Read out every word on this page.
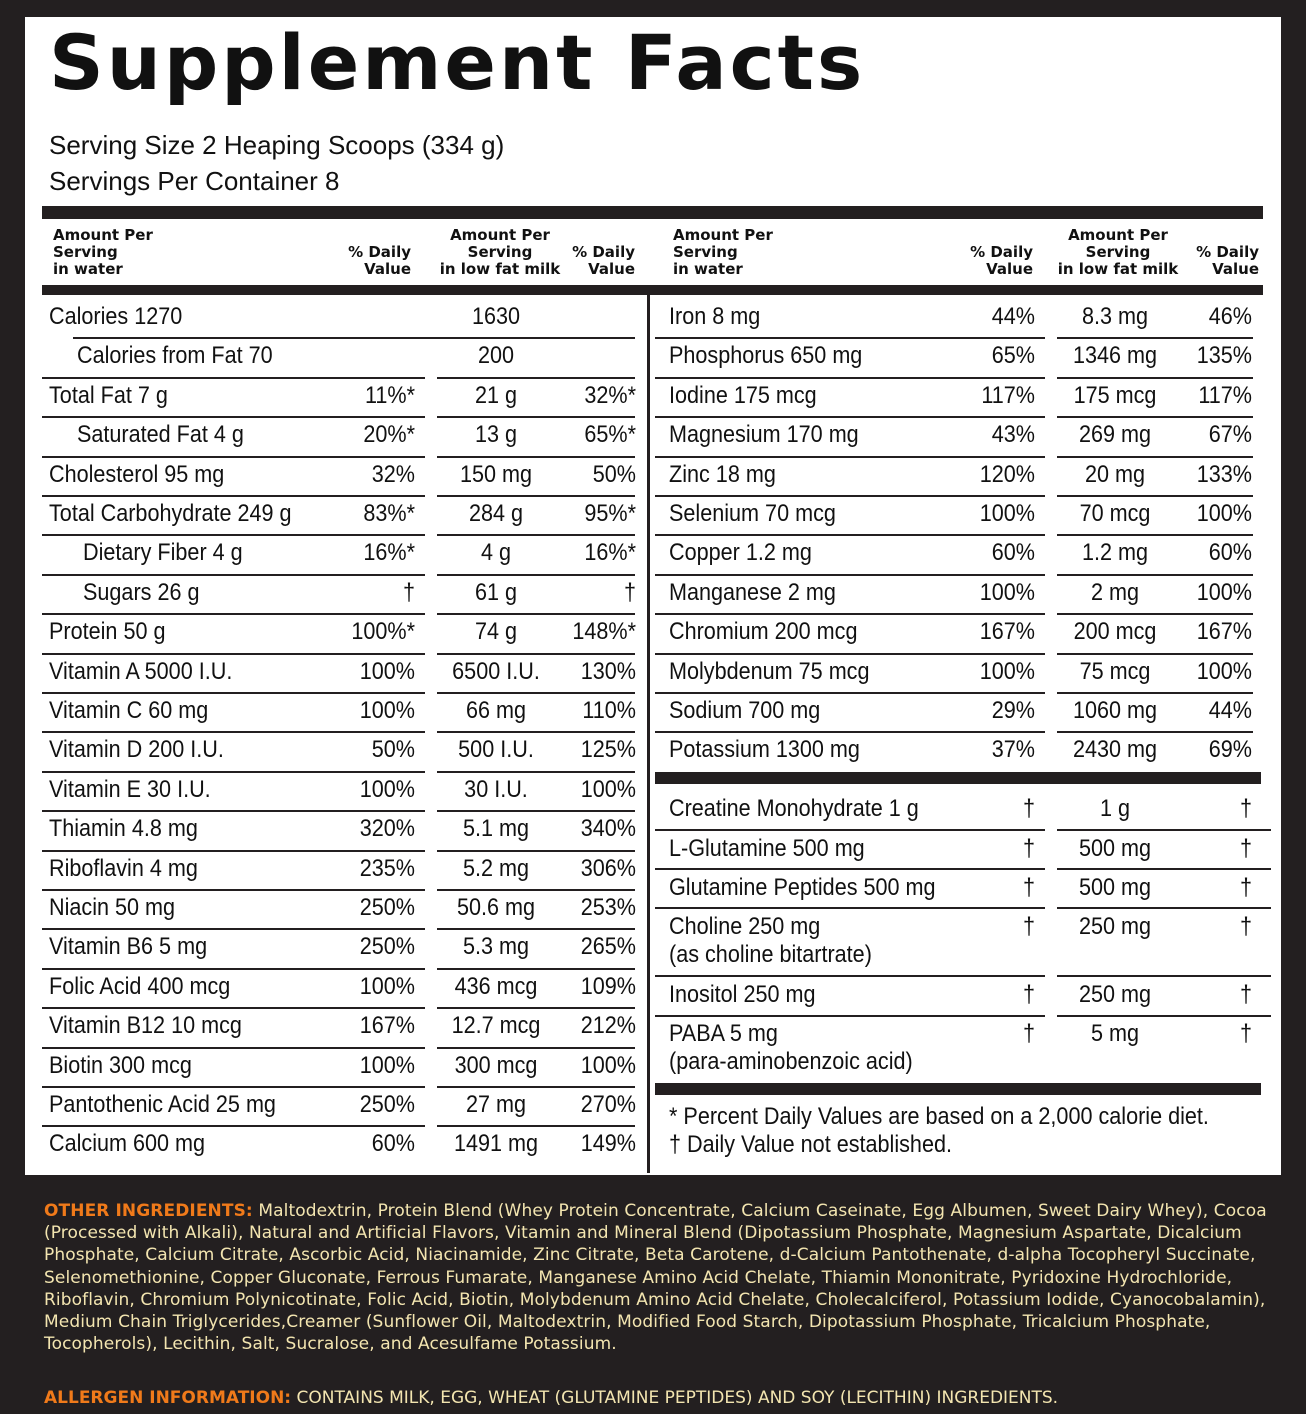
Supplement Facts
Serving Size 2 Heaping Scoops (334 g)
Servings Per Container 8
Amount Per
Serving
in water
% Daily
Value
Amount Per
Serving
in low fat milk
% Daily
Value
Amount Per
Serving
in water
% Daily
Value
Amount Per
Serving
in low fat milk
% Daily
Value
Calories 1270	1630
Calories from Fat 70	200
Total Fat 7 g	11%*	21 g	32%*
Saturated Fat 4 g	20%*	13 g	65%*
Cholesterol 95 mg	32%	150 mg	50%
Total Carbohydrate 249 g	83%*	284 g	95%*
Dietary Fiber 4 g	16%*	4 g	16%*
Sugars 26 g	†	61 g	†
Protein 50 g	100%*	74 g	148%*
Vitamin A 5000 I.U.	100%	6500 I.U.	130%
Vitamin C 60 mg	100%	66 mg	110%
Vitamin D 200 I.U.	50%	500 I.U.	125%
Vitamin E 30 I.U.	100%	30 I.U.	100%
Thiamin 4.8 mg	320%	5.1 mg	340%
Riboflavin 4 mg	235%	5.2 mg	306%
Niacin 50 mg	250%	50.6 mg	253%
Vitamin B6 5 mg	250%	5.3 mg	265%
Folic Acid 400 mcg	100%	436 mcg	109%
Vitamin B12 10 mcg	167%	12.7 mcg	212%
Biotin 300 mcg	100%	300 mcg	100%
Pantothenic Acid 25 mg	250%	27 mg	270%
Calcium 600 mg	60%	1491 mg	149%
Iron 8 mg	44%	8.3 mg	46%
Phosphorus 650 mg	65%	1346 mg	135%
Iodine 175 mcg	117%	175 mcg	117%
Magnesium 170 mg	43%	269 mg	67%
Zinc 18 mg	120%	20 mg	133%
Selenium 70 mcg	100%	70 mcg	100%
Copper 1.2 mg	60%	1.2 mg	60%
Manganese 2 mg	100%	2 mg	100%
Chromium 200 mcg	167%	200 mcg	167%
Molybdenum 75 mcg	100%	75 mcg	100%
Sodium 700 mg	29%	1060 mg	44%
Potassium 1300 mg	37%	2430 mg	69%
Creatine Monohydrate 1 g	†	1 g	†
L-Glutamine 500 mg	†	500 mg	†
Glutamine Peptides 500 mg	†	500 mg	†
Choline 250 mg
(as choline bitartrate)
†	250 mg	†
Inositol 250 mg	†	250 mg	†
PABA 5 mg
(para-aminobenzoic acid)
†	5 mg	†
* Percent Daily Values are based on a 2,000 calorie diet.
† Daily Value not established.
OTHER INGREDIENTS: Maltodextrin, Protein Blend (Whey Protein Concentrate, Calcium Caseinate, Egg Albumen, Sweet Dairy Whey), Cocoa (Processed with Alkali), Natural and Artificial Flavors, Vitamin and Mineral Blend (Dipotassium Phosphate, Magnesium Aspartate, Dicalcium Phosphate, Calcium Citrate, Ascorbic Acid, Niacinamide, Zinc Citrate, Beta Carotene, d-Calcium Pantothenate, d-alpha Tocopheryl Succinate, Selenomethionine, Copper Gluconate, Ferrous Fumarate, Manganese Amino Acid Chelate, Thiamin Mononitrate, Pyridoxine Hydrochloride, Riboflavin, Chromium Polynicotinate, Folic Acid, Biotin, Molybdenum Amino Acid Chelate, Cholecalciferol, Potassium Iodide, Cyanocobalamin), Medium Chain Triglycerides,Creamer (Sunflower Oil, Maltodextrin, Modified Food Starch, Dipotassium Phosphate, Tricalcium Phosphate, Tocopherols), Lecithin, Salt, Sucralose, and Acesulfame Potassium.
ALLERGEN INFORMATION: CONTAINS MILK, EGG, WHEAT (GLUTAMINE PEPTIDES) AND SOY (LECITHIN) INGREDIENTS.
